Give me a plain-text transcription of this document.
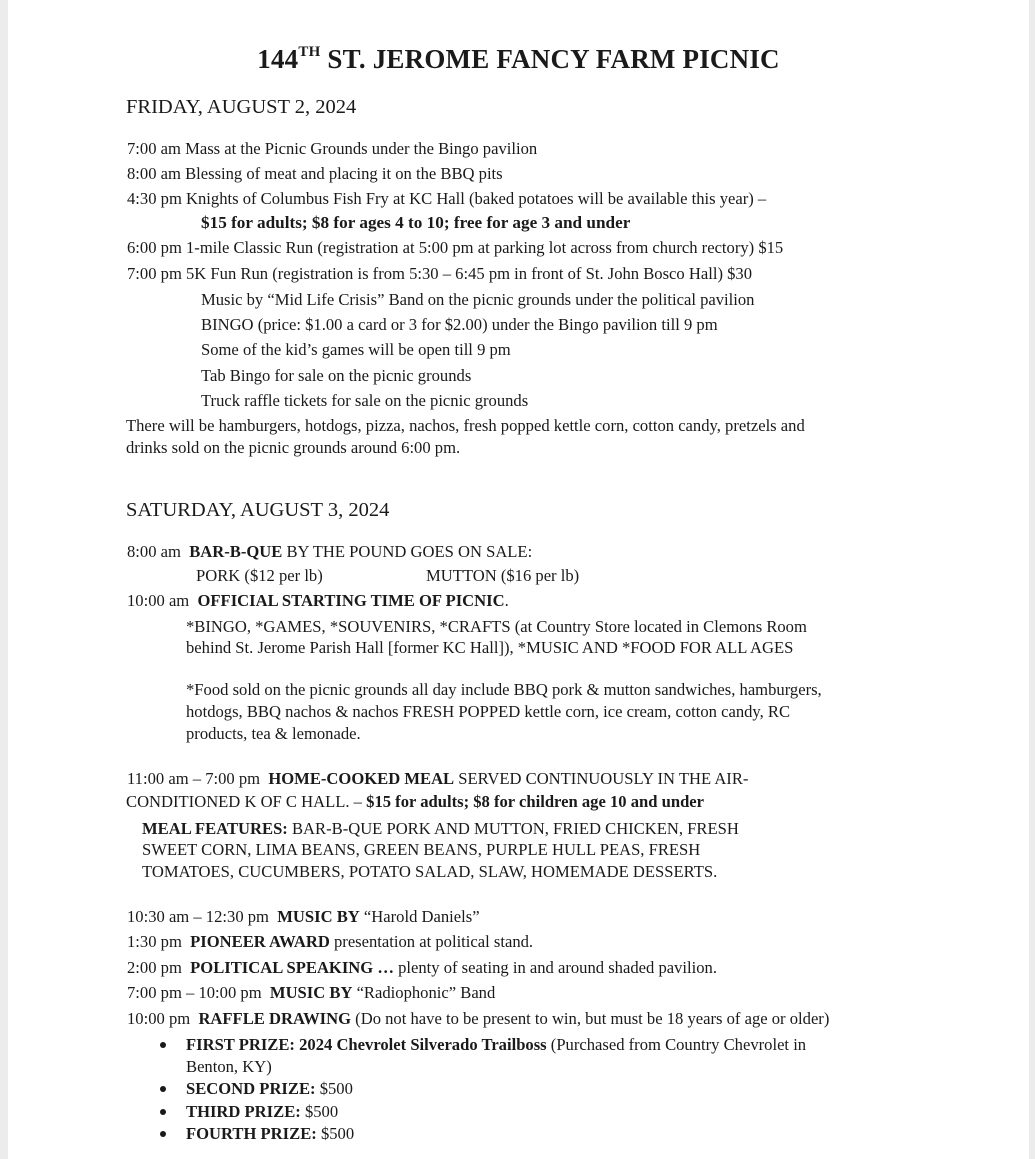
144TH ST. JEROME FANCY FARM PICNIC
FRIDAY, AUGUST 2, 2024
7:00 am Mass at the Picnic Grounds under the Bingo pavilion
8:00 am Blessing of meat and placing it on the BBQ pits
4:30 pm Knights of Columbus Fish Fry at KC Hall (baked potatoes will be available this year) –
$15 for adults; $8 for ages 4 to 10; free for age 3 and under
6:00 pm 1-mile Classic Run (registration at 5:00 pm at parking lot across from church rectory) $15
7:00 pm 5K Fun Run (registration is from 5:30 – 6:45 pm in front of St. John Bosco Hall) $30
Music by “Mid Life Crisis” Band on the picnic grounds under the political pavilion
BINGO (price: $1.00 a card or 3 for $2.00) under the Bingo pavilion till 9 pm
Some of the kid’s games will be open till 9 pm
Tab Bingo for sale on the picnic grounds
Truck raffle tickets for sale on the picnic grounds
There will be hamburgers, hotdogs, pizza, nachos, fresh popped kettle corn, cotton candy, pretzels and
drinks sold on the picnic grounds around 6:00 pm.
SATURDAY, AUGUST 3, 2024
8:00 am BAR-B-QUE BY THE POUND GOES ON SALE:
PORK ($12 per lb)	MUTTON ($16 per lb)
10:00 am OFFICIAL STARTING TIME OF PICNIC.
*BINGO, *GAMES, *SOUVENIRS, *CRAFTS (at Country Store located in Clemons Room
behind St. Jerome Parish Hall [former KC Hall]), *MUSIC AND *FOOD FOR ALL AGES
*Food sold on the picnic grounds all day include BBQ pork & mutton sandwiches, hamburgers,
hotdogs, BBQ nachos & nachos FRESH POPPED kettle corn, ice cream, cotton candy, RC
products, tea & lemonade.
11:00 am – 7:00 pm HOME-COOKED MEAL SERVED CONTINUOUSLY IN THE AIR-
CONDITIONED K OF C HALL. – $15 for adults; $8 for children age 10 and under
MEAL FEATURES: BAR-B-QUE PORK AND MUTTON, FRIED CHICKEN, FRESH
SWEET CORN, LIMA BEANS, GREEN BEANS, PURPLE HULL PEAS, FRESH
TOMATOES, CUCUMBERS, POTATO SALAD, SLAW, HOMEMADE DESSERTS.
10:30 am – 12:30 pm MUSIC BY “Harold Daniels”
1:30 pm PIONEER AWARD presentation at political stand.
2:00 pm POLITICAL SPEAKING … plenty of seating in and around shaded pavilion.
7:00 pm – 10:00 pm MUSIC BY “Radiophonic” Band
10:00 pm RAFFLE DRAWING (Do not have to be present to win, but must be 18 years of age or older)
FIRST PRIZE: 2024 Chevrolet Silverado Trailboss (Purchased from Country Chevrolet in
Benton, KY)
SECOND PRIZE: $500
THIRD PRIZE: $500
FOURTH PRIZE: $500
